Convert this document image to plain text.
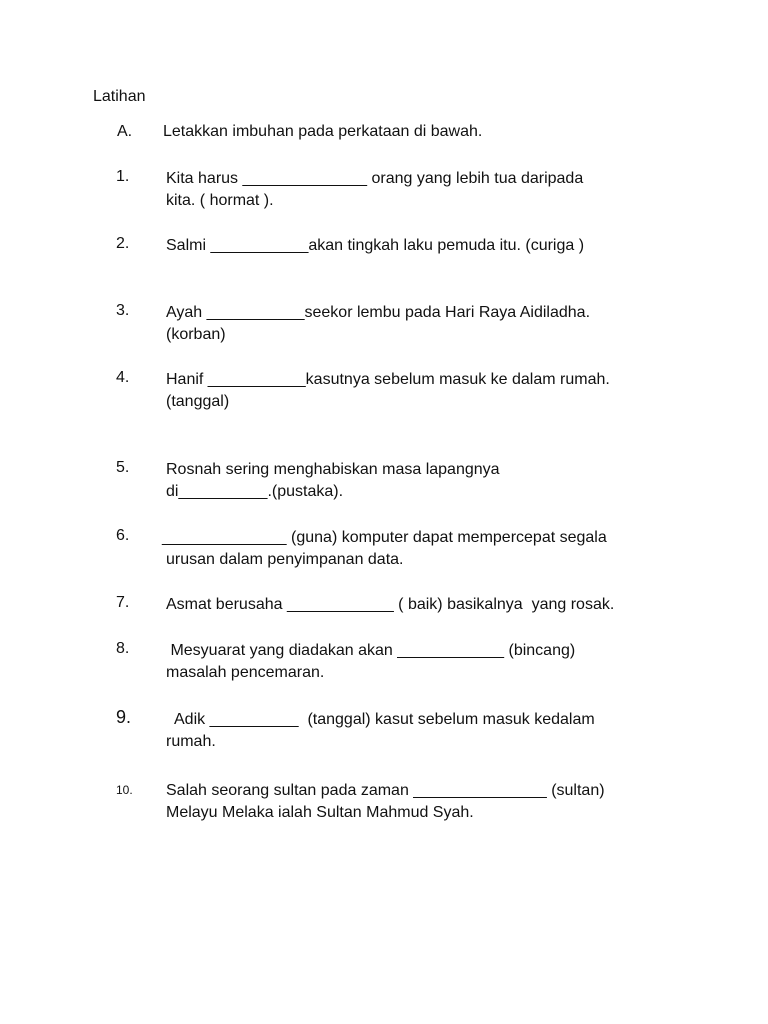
Latihan
A. Letakkan imbuhan pada perkataan di bawah.
1. Kita harus ______________ orang yang lebih tua daripada
kita. ( hormat ).
2. Salmi ___________akan tingkah laku pemuda itu. (curiga )
3. Ayah ___________seekor lembu pada Hari Raya Aidiladha.
(korban)
4. Hanif ___________kasutnya sebelum masuk ke dalam rumah.
(tanggal)
5. Rosnah sering menghabiskan masa lapangnya
di__________.(pustaka).
6. ______________ (guna) komputer dapat mempercepat segala
urusan dalam penyimpanan data.
7. Asmat berusaha ____________ ( baik) basikalnya  yang rosak.
8. Mesyuarat yang diadakan akan ____________ (bincang)
masalah pencemaran.
9. Adik __________  (tanggal) kasut sebelum masuk kedalam
rumah.
10. Salah seorang sultan pada zaman _______________ (sultan)
Melayu Melaka ialah Sultan Mahmud Syah.
